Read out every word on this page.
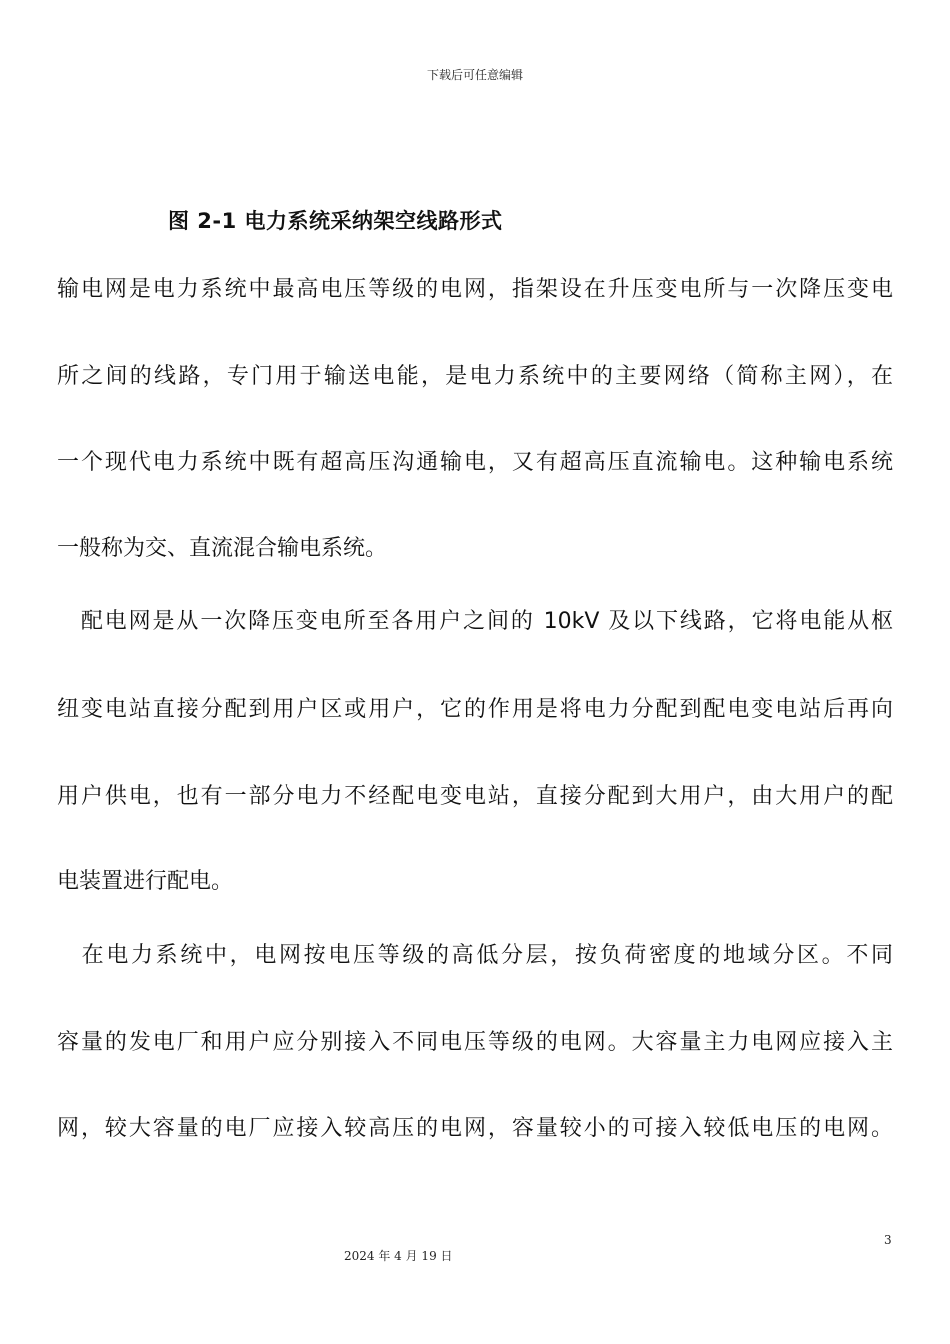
下载后可任意编辑
图 2-1 电力系统采纳架空线路形式
输电网是电力系统中最高电压等级的电网，指架设在升压变电所与一次降压变电
所之间的线路，专门用于输送电能，是电力系统中的主要网络（简称主网），在
一个现代电力系统中既有超高压沟通输电，又有超高压直流输电。这种输电系统
一般称为交、直流混合输电系统。
　配电网是从一次降压变电所至各用户之间的 10kV 及以下线路，它将电能从枢
纽变电站直接分配到用户区或用户，它的作用是将电力分配到配电变电站后再向
用户供电，也有一部分电力不经配电变电站，直接分配到大用户，由大用户的配
电装置进行配电。
　在电力系统中，电网按电压等级的高低分层，按负荷密度的地域分区。不同
容量的发电厂和用户应分别接入不同电压等级的电网。大容量主力电网应接入主
网，较大容量的电厂应接入较高压的电网，容量较小的可接入较低电压的电网。
3
2024 年 4 月 19 日
